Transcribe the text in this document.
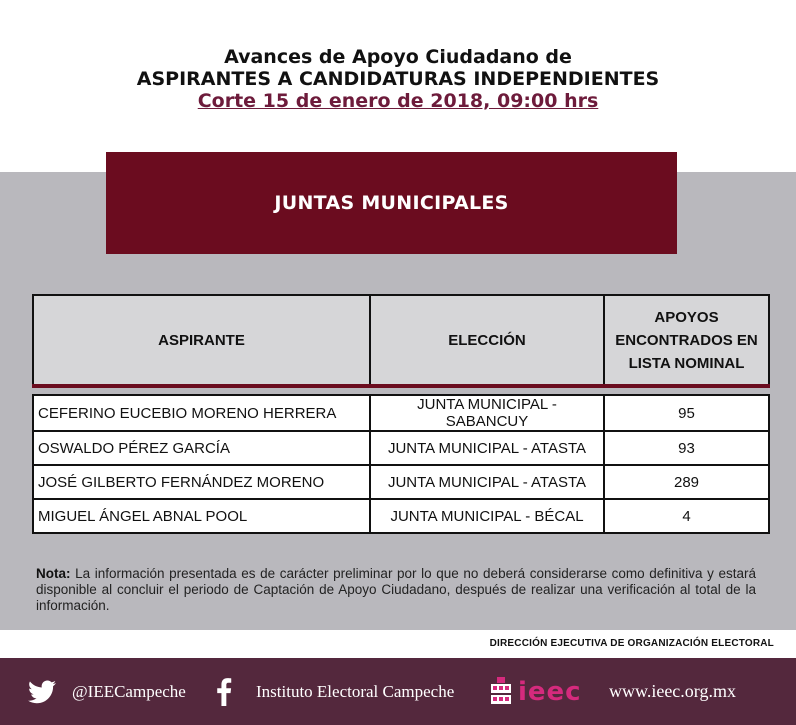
Avances de Apoyo Ciudadano de
ASPIRANTES A CANDIDATURAS INDEPENDIENTES
Corte 15 de enero de 2018, 09:00 hrs
JUNTAS MUNICIPALES
ASPIRANTE	ELECCIÓN	APOYOS
ENCONTRADOS EN
LISTA NOMINAL

CEFERINO EUCEBIO MORENO HERRERA	JUNTA MUNICIPAL - SABANCUY	95
OSWALDO PÉREZ GARCÍA	JUNTA MUNICIPAL - ATASTA	93
JOSÉ GILBERTO FERNÁNDEZ MORENO	JUNTA MUNICIPAL - ATASTA	289
MIGUEL ÁNGEL ABNAL POOL	JUNTA MUNICIPAL - BÉCAL	4
Nota: La información presentada es de carácter preliminar por lo que no deberá considerarse como definitiva y estará disponible al concluir el periodo de Captación de Apoyo Ciudadano, después de realizar una verificación al total de la información.
DIRECCIÓN EJECUTIVA DE ORGANIZACIÓN ELECTORAL
@IEECampeche	Instituto Electoral Campeche ieec www.ieec.org.mx
